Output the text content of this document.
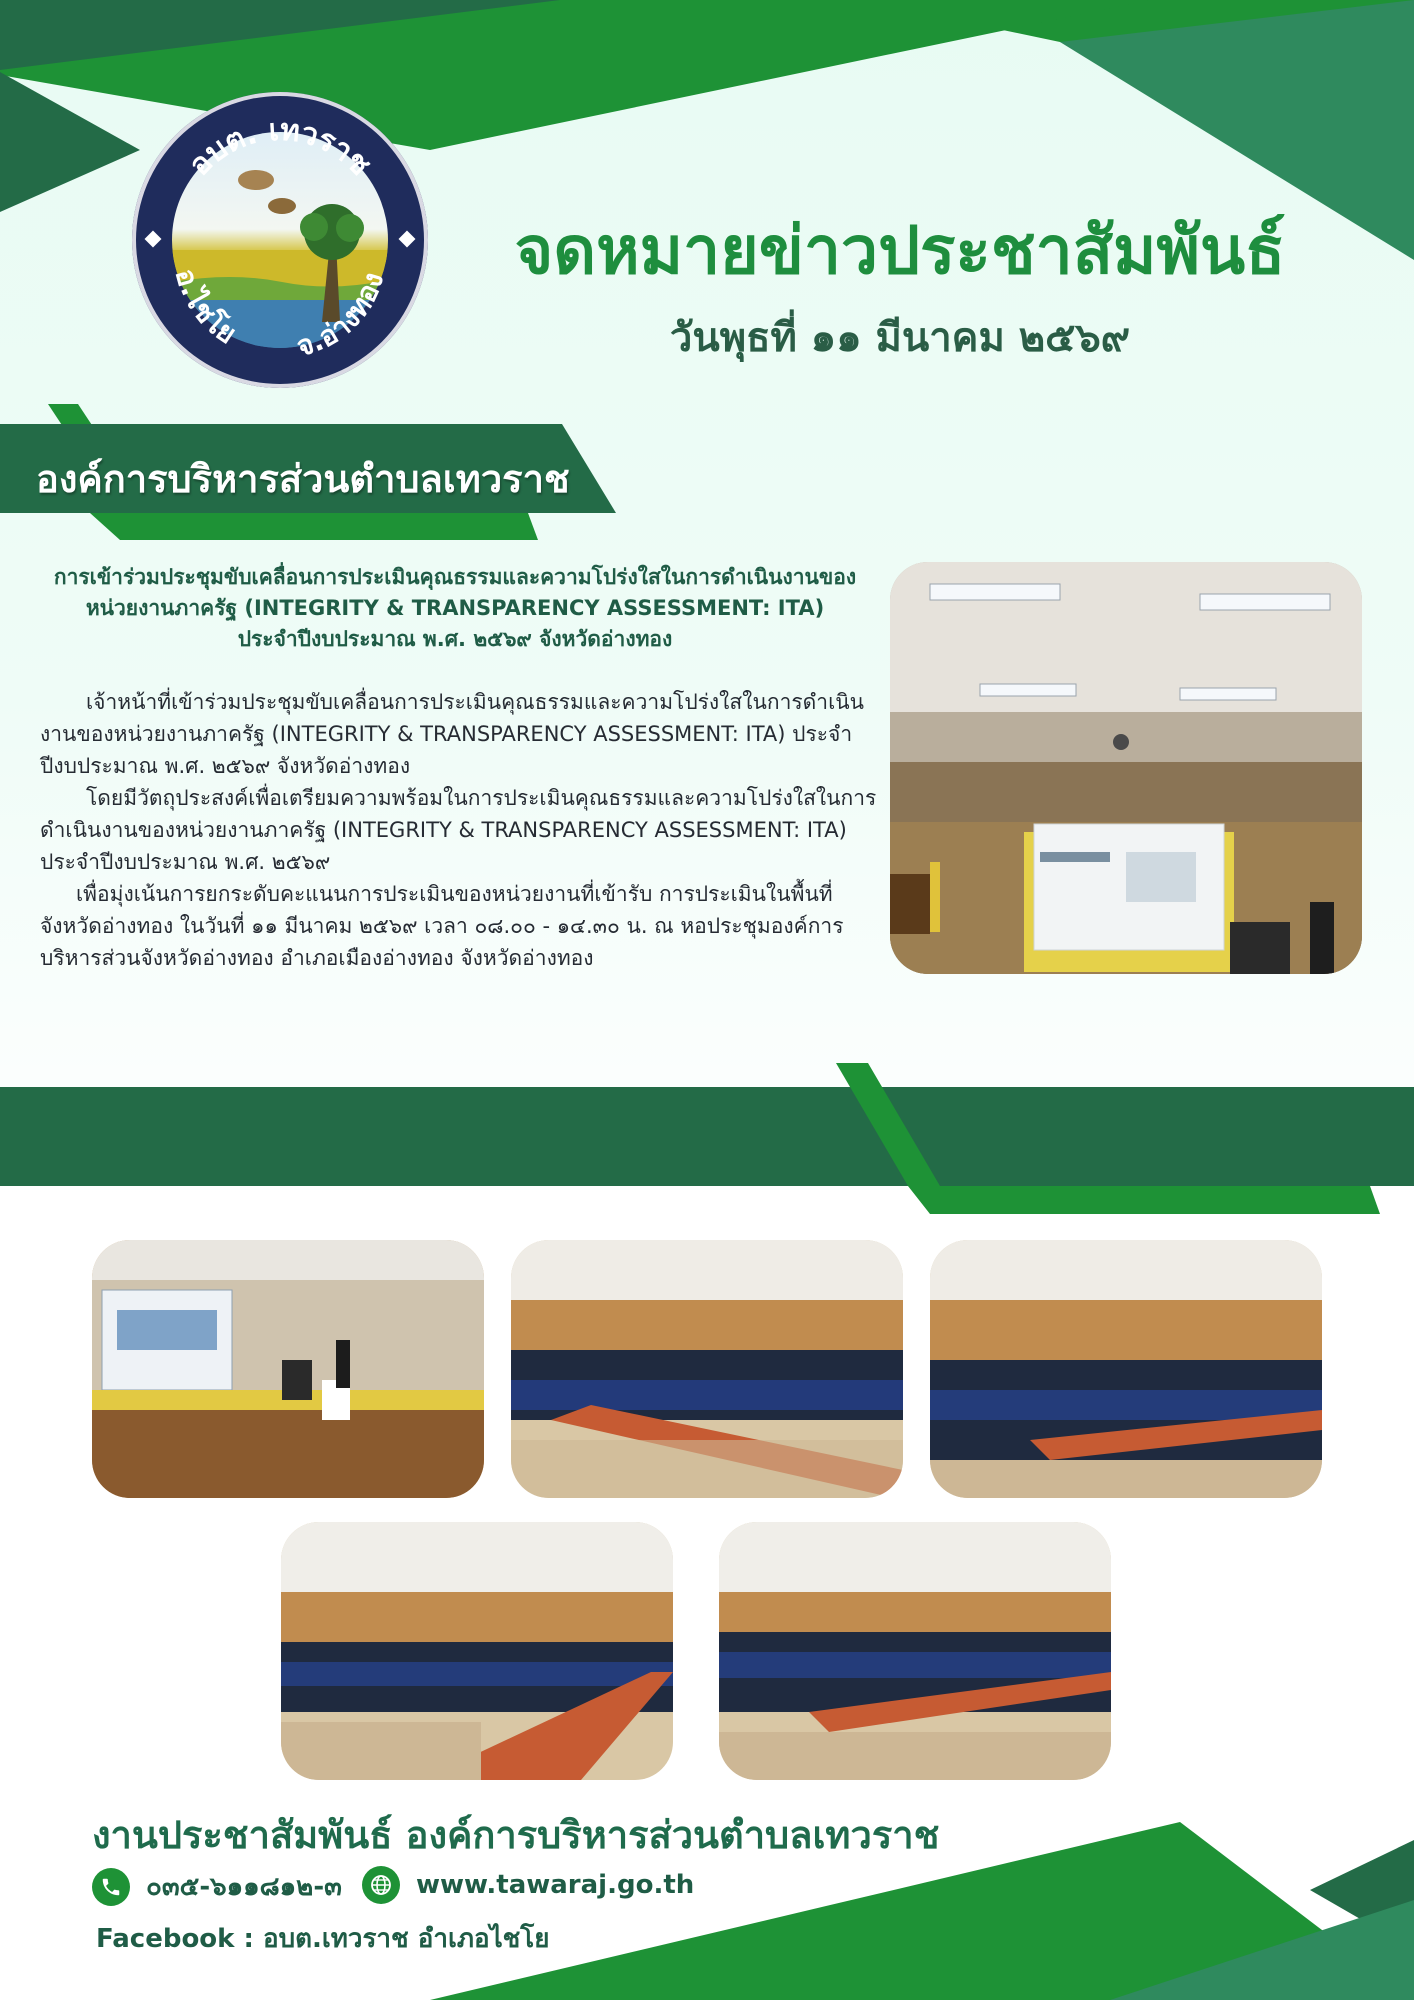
อบต. เทวราช
อ.ไชโย จ.อ่างทอง	จดหมายข่าวประชาสัมพันธ์
วันพุธที่ ๑๑ มีนาคม ๒๕๖๙
องค์การบริหารส่วนตำบลเทวราช
การเข้าร่วมประชุมขับเคลื่อนการประเมินคุณธรรมและความโปร่งใสในการดำเนินงานของ
หน่วยงานภาครัฐ (INTEGRITY & TRANSPARENCY ASSESSMENT: ITA)
ประจำปีงบประมาณ พ.ศ. ๒๕๖๙ จังหวัดอ่างทอง

เจ้าหน้าที่เข้าร่วมประชุมขับเคลื่อนการประเมินคุณธรรมและความโปร่งใสในการดำเนินงานของหน่วยงานภาครัฐ (INTEGRITY & TRANSPARENCY ASSESSMENT: ITA) ประจำปีงบประมาณ พ.ศ. ๒๕๖๙ จังหวัดอ่างทอง

โดยมีวัตถุประสงค์เพื่อเตรียมความพร้อมในการประเมินคุณธรรมและความโปร่งใสในการดำเนินงานของหน่วยงานภาครัฐ (INTEGRITY & TRANSPARENCY ASSESSMENT: ITA) ประจำปีงบประมาณ พ.ศ. ๒๕๖๙

เพื่อมุ่งเน้นการยกระดับคะแนนการประเมินของหน่วยงานที่เข้ารับ การประเมินในพื้นที่จังหวัดอ่างทอง ในวันที่ ๑๑ มีนาคม ๒๕๖๙ เวลา ๐๘.๐๐ - ๑๔.๓๐ น. ณ หอประชุมองค์การบริหารส่วนจังหวัดอ่างทอง อำเภอเมืองอ่างทอง จังหวัดอ่างทอง

งานประชาสัมพันธ์ องค์การบริหารส่วนตำบลเทวราช
๐๓๕-๖๑๑๘๑๒-๓	www.tawaraj.go.th
Facebook : อบต.เทวราช อำเภอไชโย
